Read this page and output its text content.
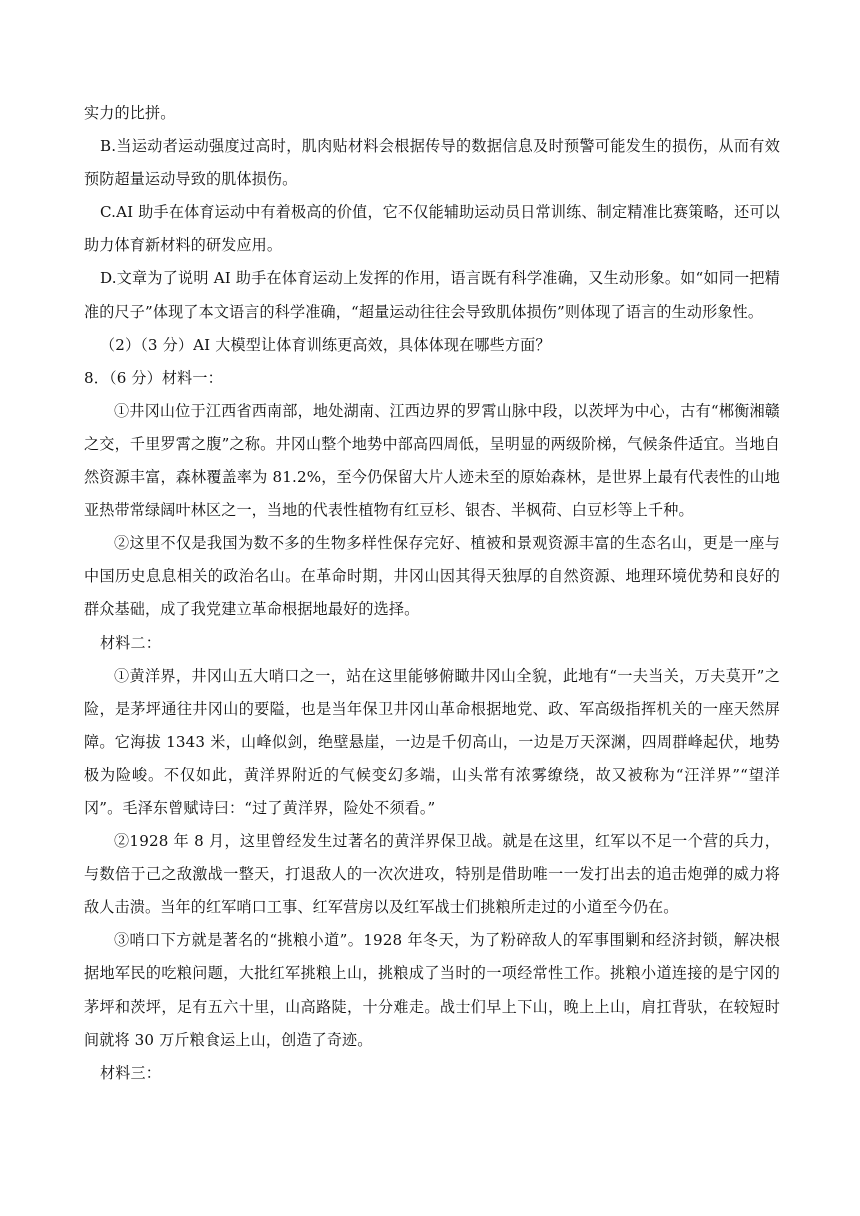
实力的比拼。

B.当运动者运动强度过高时，肌肉贴材料会根据传导的数据信息及时预警可能发生的损伤，从而有效预防超量运动导致的肌体损伤。

C.AI 助手在体育运动中有着极高的价值，它不仅能辅助运动员日常训练、制定精准比赛策略，还可以助力体育新材料的研发应用。

D.文章为了说明 AI 助手在体育运动上发挥的作用，语言既有科学准确，又生动形象。如“如同一把精准的尺子”体现了本文语言的科学准确，“超量运动往往会导致肌体损伤”则体现了语言的生动形象性。

（2）（3 分）AI 大模型让体育训练更高效，具体体现在哪些方面？

8．（6 分）材料一：

①井冈山位于江西省西南部，地处湖南、江西边界的罗霄山脉中段，以茨坪为中心，古有“郴衡湘赣之交，千里罗霄之腹”之称。井冈山整个地势中部高四周低，呈明显的两级阶梯，气候条件适宜。当地自然资源丰富，森林覆盖率为 81.2%，至今仍保留大片人迹未至的原始森林，是世界上最有代表性的山地亚热带常绿阔叶林区之一，当地的代表性植物有红豆杉、银杏、半枫荷、白豆杉等上千种。

②这里不仅是我国为数不多的生物多样性保存完好、植被和景观资源丰富的生态名山，更是一座与中国历史息息相关的政治名山。在革命时期，井冈山因其得天独厚的自然资源、地理环境优势和良好的群众基础，成了我党建立革命根据地最好的选择。

材料二：

①黄洋界，井冈山五大哨口之一，站在这里能够俯瞰井冈山全貌，此地有“一夫当关，万夫莫开”之险，是茅坪通往井冈山的要隘，也是当年保卫井冈山革命根据地党、政、军高级指挥机关的一座天然屏障。它海拔 1343 米，山峰似剑，绝壁悬崖，一边是千仞高山，一边是万天深渊，四周群峰起伏，地势极为险峻。不仅如此，黄洋界附近的气候变幻多端，山头常有浓雾缭绕，故又被称为“汪洋界”“望洋冈”。毛泽东曾赋诗曰：“过了黄洋界，险处不须看。”

②1928 年 8 月，这里曾经发生过著名的黄洋界保卫战。就是在这里，红军以不足一个营的兵力，与数倍于己之敌激战一整天，打退敌人的一次次进攻，特别是借助唯一一发打出去的追击炮弹的威力将敌人击溃。当年的红军哨口工事、红军营房以及红军战士们挑粮所走过的小道至今仍在。

③哨口下方就是著名的“挑粮小道”。1928 年冬天，为了粉碎敌人的军事围剿和经济封锁，解决根据地军民的吃粮问题，大批红军挑粮上山，挑粮成了当时的一项经常性工作。挑粮小道连接的是宁冈的茅坪和茨坪，足有五六十里，山高路陡，十分难走。战士们早上下山，晚上上山，肩扛背驮，在较短时间就将 30 万斤粮食运上山，创造了奇迹。

材料三：
